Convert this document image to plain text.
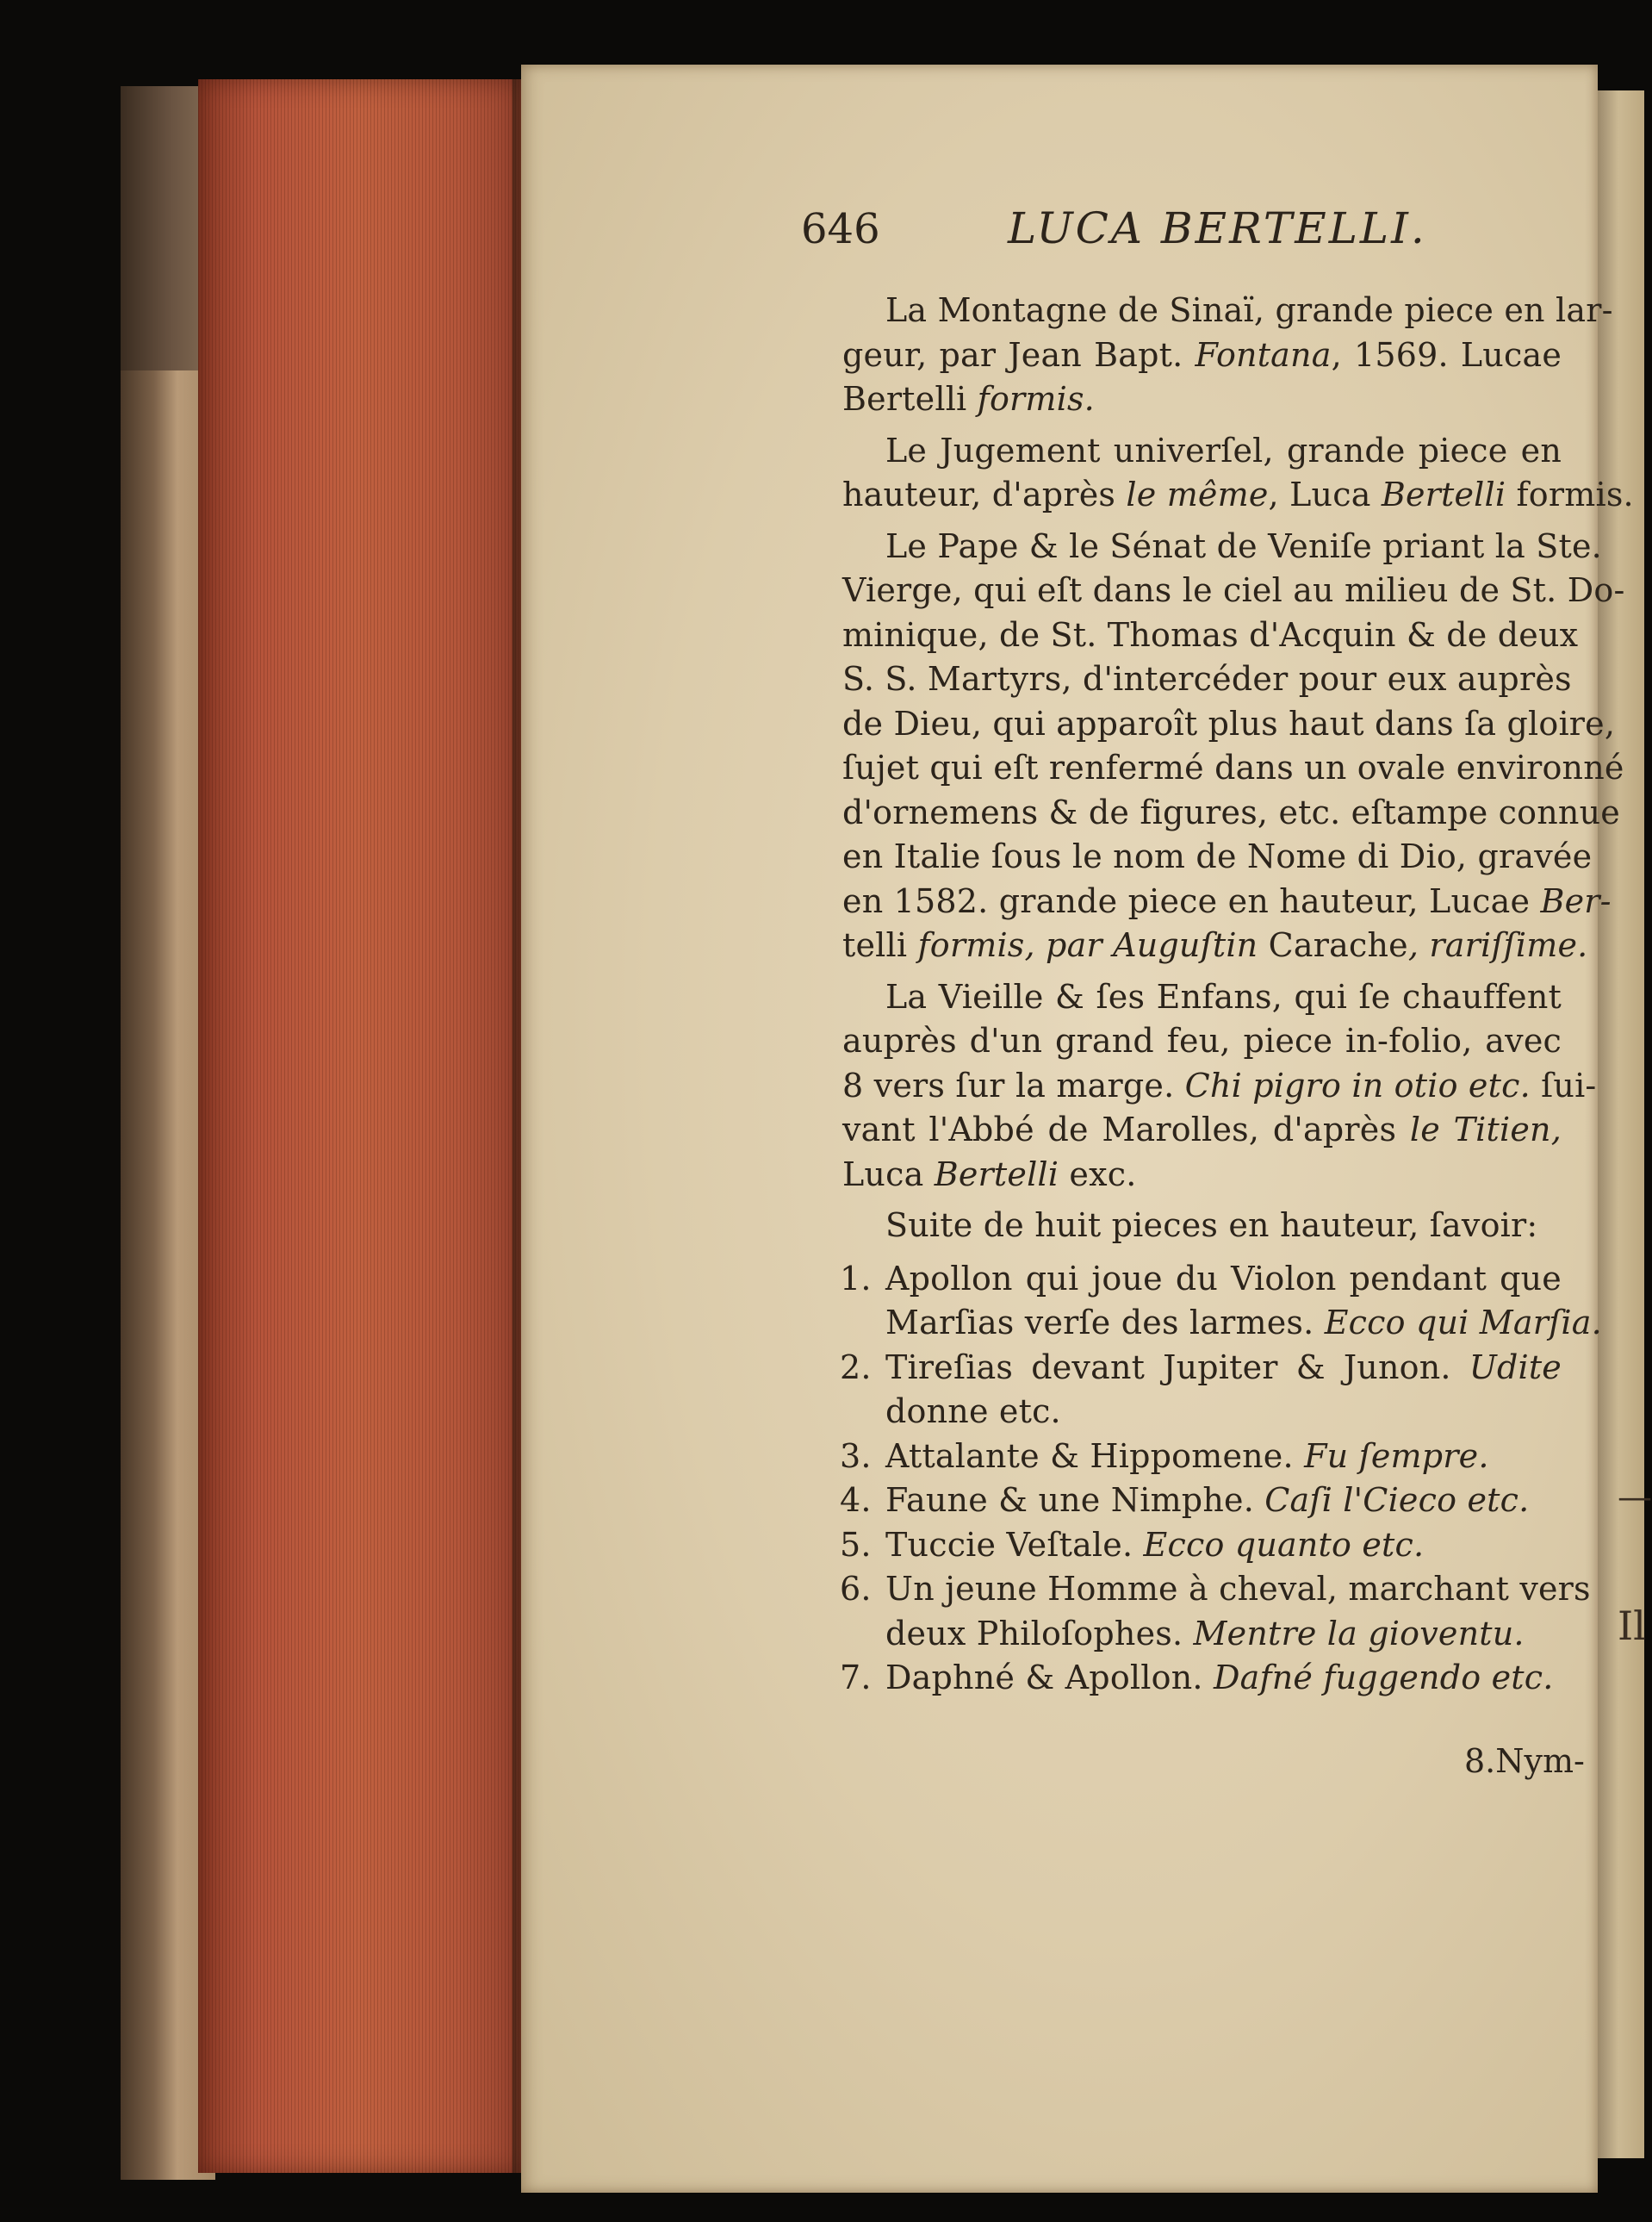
—
Il
646	LUCA BERTELLI.
La Montagne de Sinaï, grande piece en lar-
geur, par Jean Bapt. Fontana, 1569. Lucae
Bertelli formis.
Le Jugement univerſel, grande piece en
hauteur, d'après le même, Luca Bertelli formis.
Le Pape & le Sénat de Veniſe priant la Ste.
Vierge, qui eſt dans le ciel au milieu de St. Do-
minique, de St. Thomas d'Acquin & de deux
S. S. Martyrs, d'intercéder pour eux auprès
de Dieu, qui apparoît plus haut dans ſa gloire,
ſujet qui eſt renfermé dans un ovale environné
d'ornemens & de figures, etc. eſtampe connue
en Italie ſous le nom de Nome di Dio, gravée
en 1582. grande piece en hauteur, Lucae Ber-
telli formis, par Auguſtin Carache, rariſſime.
La Vieille & ſes Enfans, qui ſe chauffent
auprès d'un grand feu, piece in-folio, avec
8 vers ſur la marge. Chi pigro in otio etc. ſui-
vant l'Abbé de Marolles, d'après le Titien,
Luca Bertelli exc.
Suite de huit pieces en hauteur, ſavoir:
1. Apollon qui joue du Violon pendant que
Marſias verſe des larmes. Ecco qui Marſia.
2. Tireſias devant Jupiter & Junon. Udite
donne etc.
3. Attalante & Hippomene. Fu ſempre.
4. Faune & une Nimphe. Caſi l'Cieco etc.
5. Tuccie Veſtale. Ecco quanto etc.
6. Un jeune Homme à cheval, marchant vers
deux Philoſophes. Mentre la gioventu.
7. Daphné & Apollon. Dafné fuggendo etc.
8.Nym-
